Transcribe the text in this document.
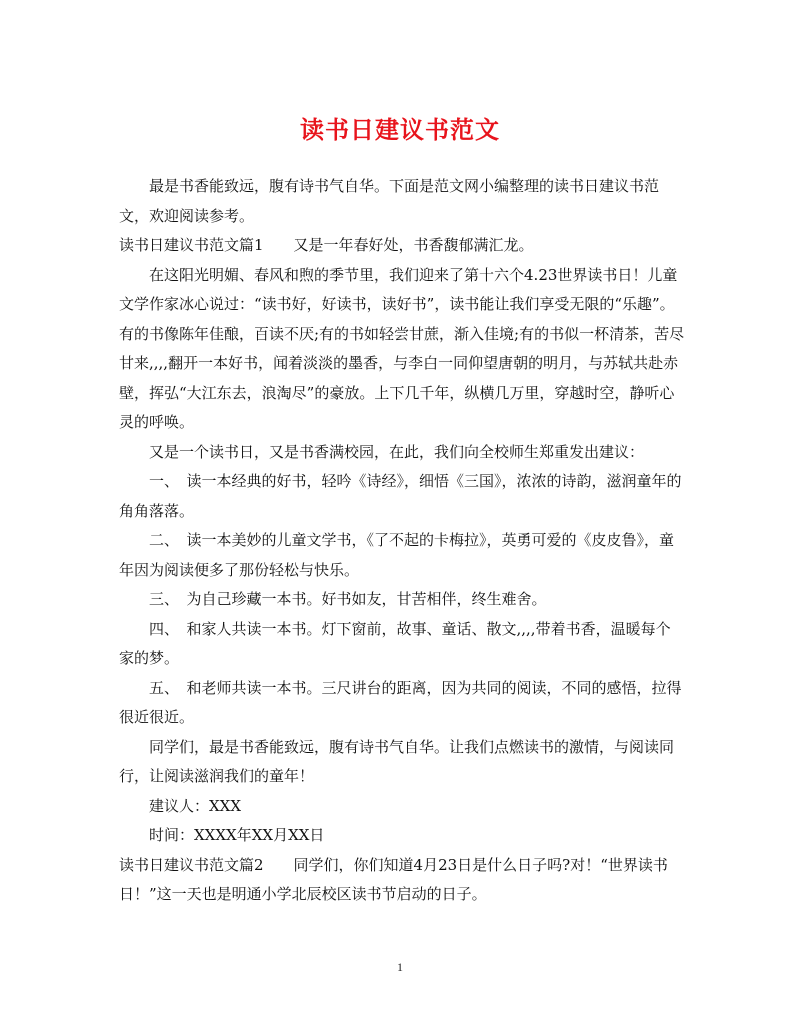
读书日建议书范文

最是书香能致远，腹有诗书气自华。下面是范文网小编整理的读书日建议书范文，欢迎阅读参考。

读书日建议书范文篇1　　又是一年春好处，书香馥郁满汇龙。

在这阳光明媚、春风和煦的季节里，我们迎来了第十六个4.23世界读书日！儿童文学作家冰心说过：“读书好，好读书，读好书”，读书能让我们享受无限的“乐趣”。有的书像陈年佳酿，百读不厌;有的书如轻尝甘蔗，渐入佳境;有的书似一杯清茶，苦尽甘来,,,,翻开一本好书，闻着淡淡的墨香，与李白一同仰望唐朝的明月，与苏轼共赴赤壁，挥弘“大江东去，浪淘尽”的豪放。上下几千年，纵横几万里，穿越时空，静听心灵的呼唤。

又是一个读书日，又是书香满校园，在此，我们向全校师生郑重发出建议：

一、　读一本经典的好书，轻吟《诗经》，细悟《三国》，浓浓的诗韵，滋润童年的角角落落。

二、　读一本美妙的儿童文学书，《了不起的卡梅拉》，英勇可爱的《皮皮鲁》，童年因为阅读便多了那份轻松与快乐。

三、　为自己珍藏一本书。好书如友，甘苦相伴，终生难舍。

四、　和家人共读一本书。灯下窗前，故事、童话、散文,,,,带着书香，温暖每个家的梦。

五、　和老师共读一本书。三尺讲台的距离，因为共同的阅读，不同的感悟，拉得很近很近。

同学们，最是书香能致远，腹有诗书气自华。让我们点燃读书的激情，与阅读同行，让阅读滋润我们的童年！

建议人：XXX

时间：XXXX年XX月XX日

读书日建议书范文篇2　　同学们，你们知道4月23日是什么日子吗?对！“世界读书日！”这一天也是明通小学北辰校区读书节启动的日子。

1
